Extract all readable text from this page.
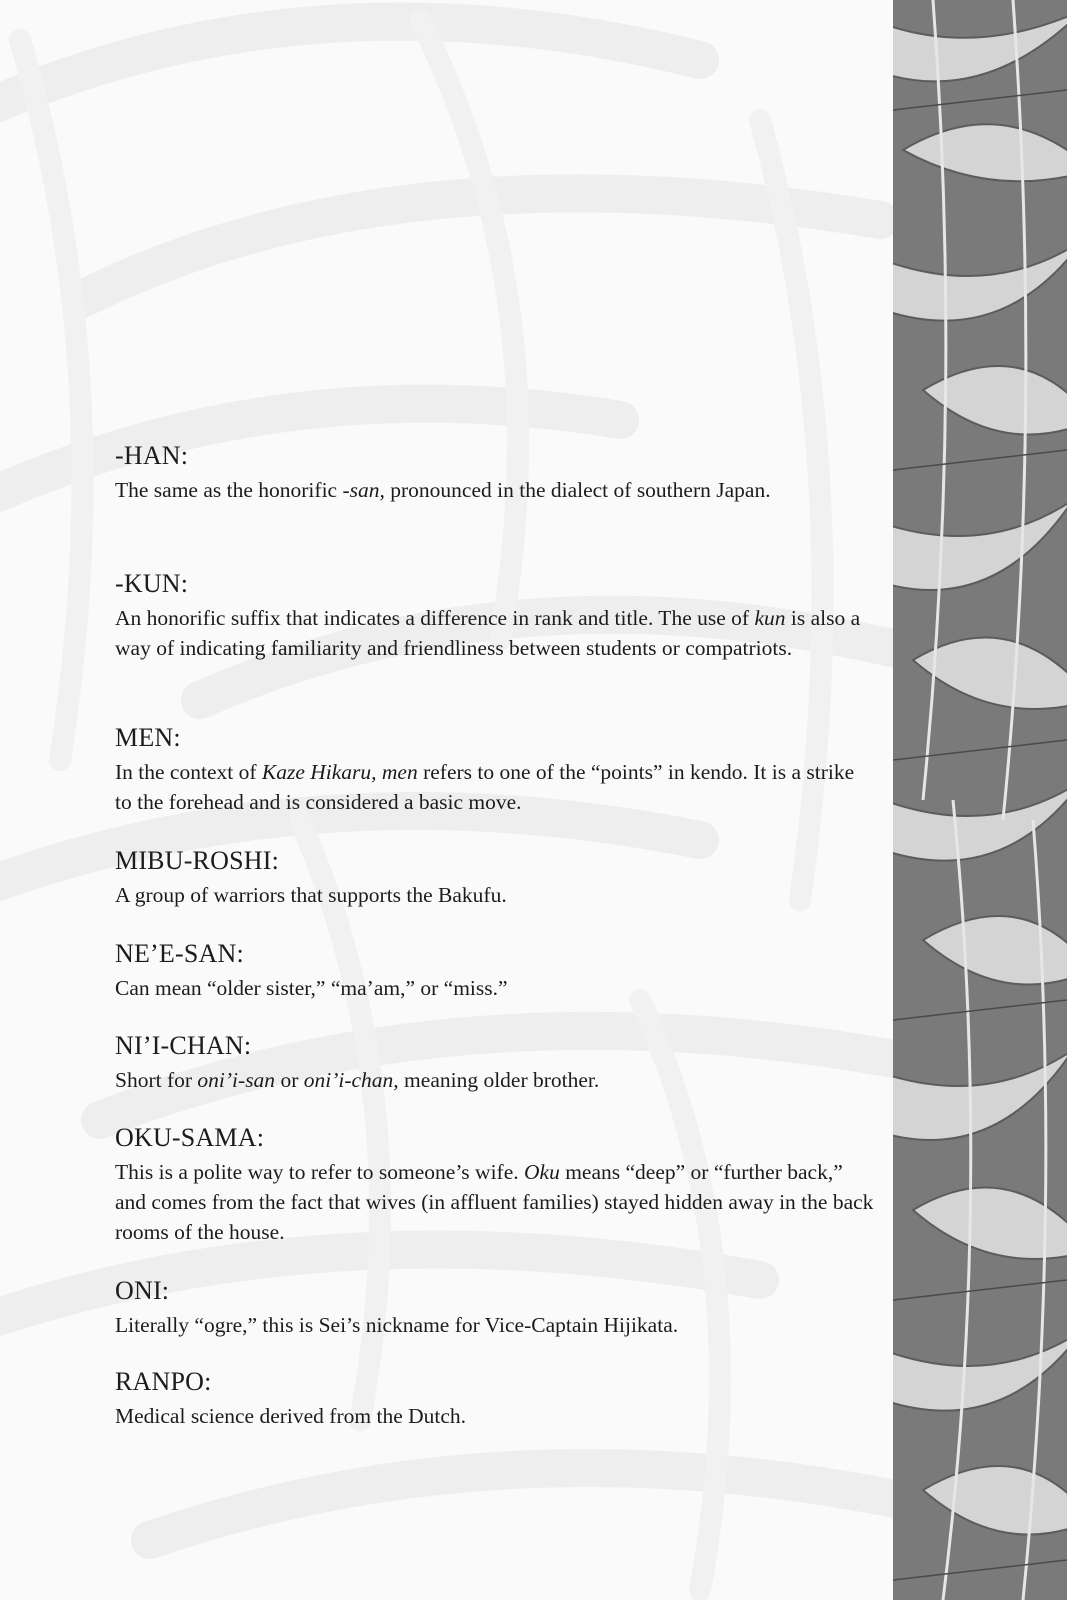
-HAN:

The same as the honorific -san, pronounced in the dialect of southern Japan.

-KUN:

An honorific suffix that indicates a difference in rank and title. The use of kun is also a way of indicating familiarity and friendliness between students or compatriots.

MEN:

In the context of Kaze Hikaru, men refers to one of the “points” in kendo. It is a strike to the forehead and is considered a basic move.

MIBU-ROSHI:

A group of warriors that supports the Bakufu.

NE’E-SAN:

Can mean “older sister,” “ma’am,” or “miss.”

NI’I-CHAN:

Short for oni’i-san or oni’i-chan, meaning older brother.

OKU-SAMA:

This is a polite way to refer to someone’s wife. Oku means “deep” or “further back,” and comes from the fact that wives (in affluent families) stayed hidden away in the back rooms of the house.

ONI:

Literally “ogre,” this is Sei’s nickname for Vice-Captain Hijikata.

RANPO:

Medical science derived from the Dutch.
